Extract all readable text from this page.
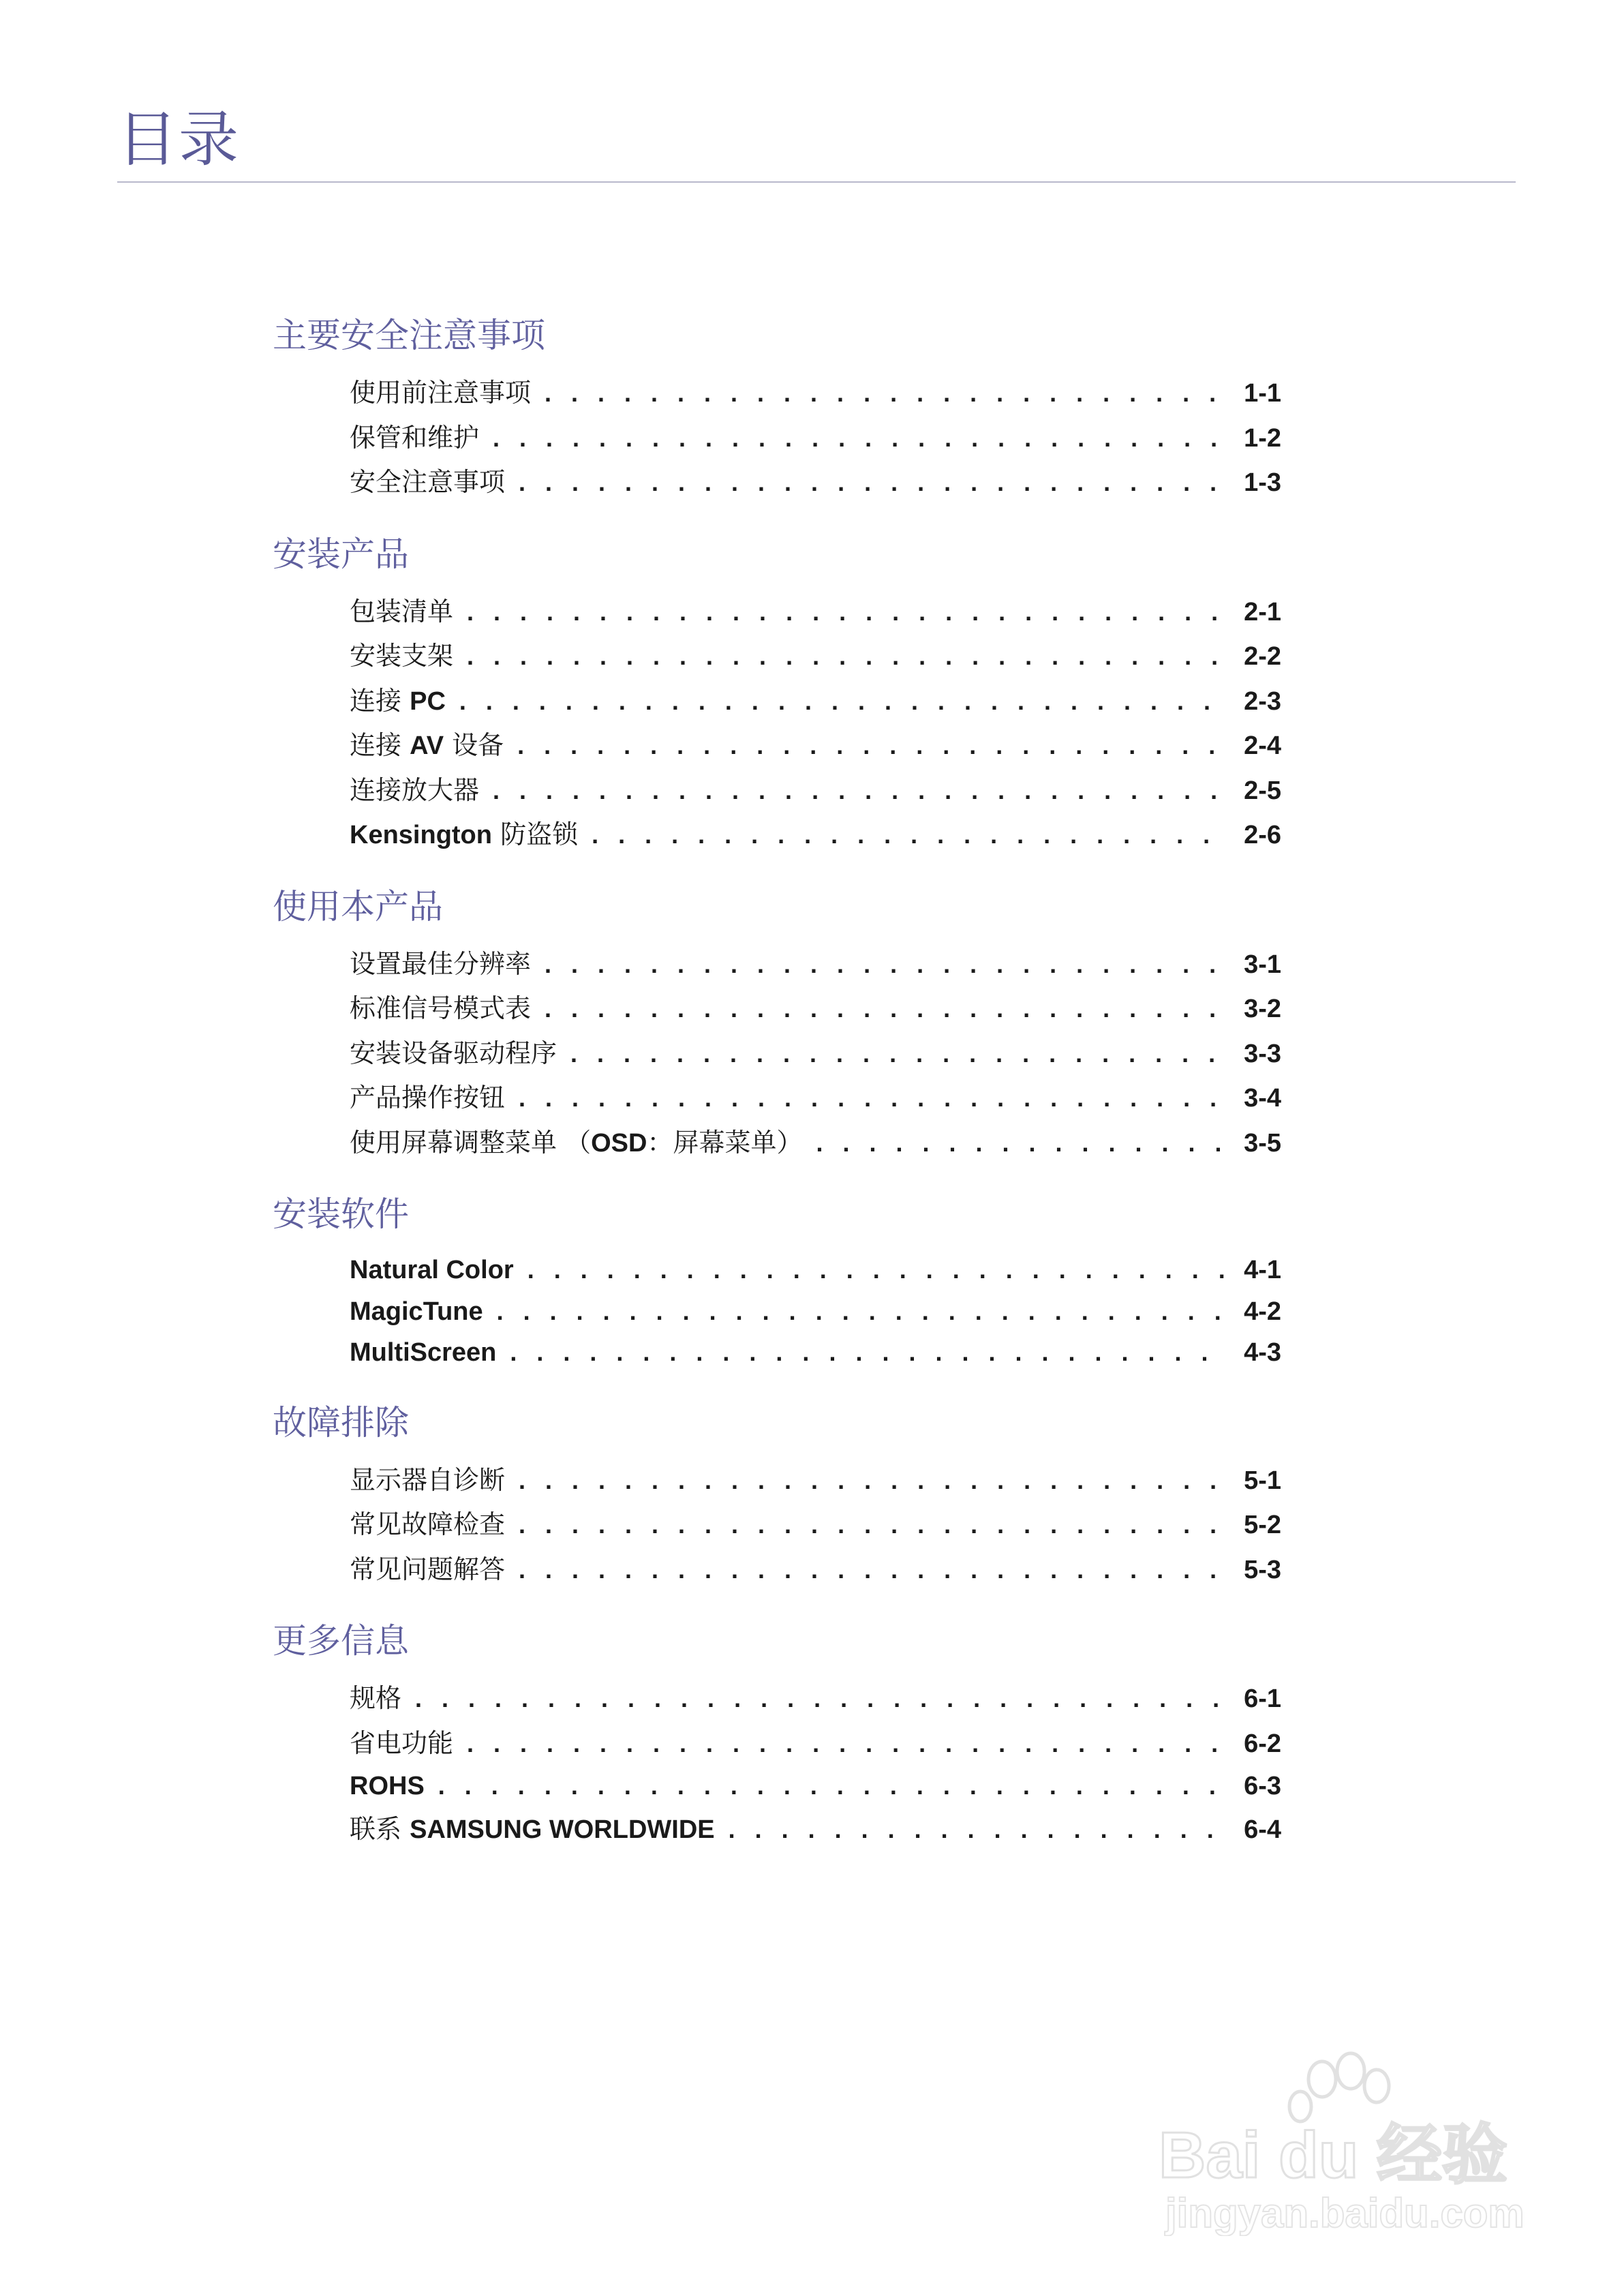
目录
主要安全注意事项
使用前注意事项 . . .	1-1
保管和维护 . . .	1-2
安全注意事项 . . .	1-3
安装产品
包装清单 . . .	2-1
安装支架 . . .	2-2
连接 PC . . .	2-3
连接 AV 设备 . . .	2-4
连接放大器 . . .	2-5
Kensington 防盗锁 . . .	2-6
使用本产品
设置最佳分辨率 . . .	3-1
标准信号模式表 . . .	3-2
安装设备驱动程序 . . .	3-3
产品操作按钮 . . .	3-4
使用屏幕调整菜单 （OSD：屏幕菜单） . . .	3-5
安装软件
Natural Color . . .	4-1
MagicTune . . .	4-2
MultiScreen . . .	4-3
故障排除
显示器自诊断 . . .	5-1
常见故障检查 . . .	5-2
常见问题解答 . . .	5-3
更多信息
规格 . . .	6-1
省电功能 . . .	6-2
ROHS . . .	6-3
联系 SAMSUNG WORLDWIDE . . .	6-4
Bai du 经验
jingyan.baidu.com
